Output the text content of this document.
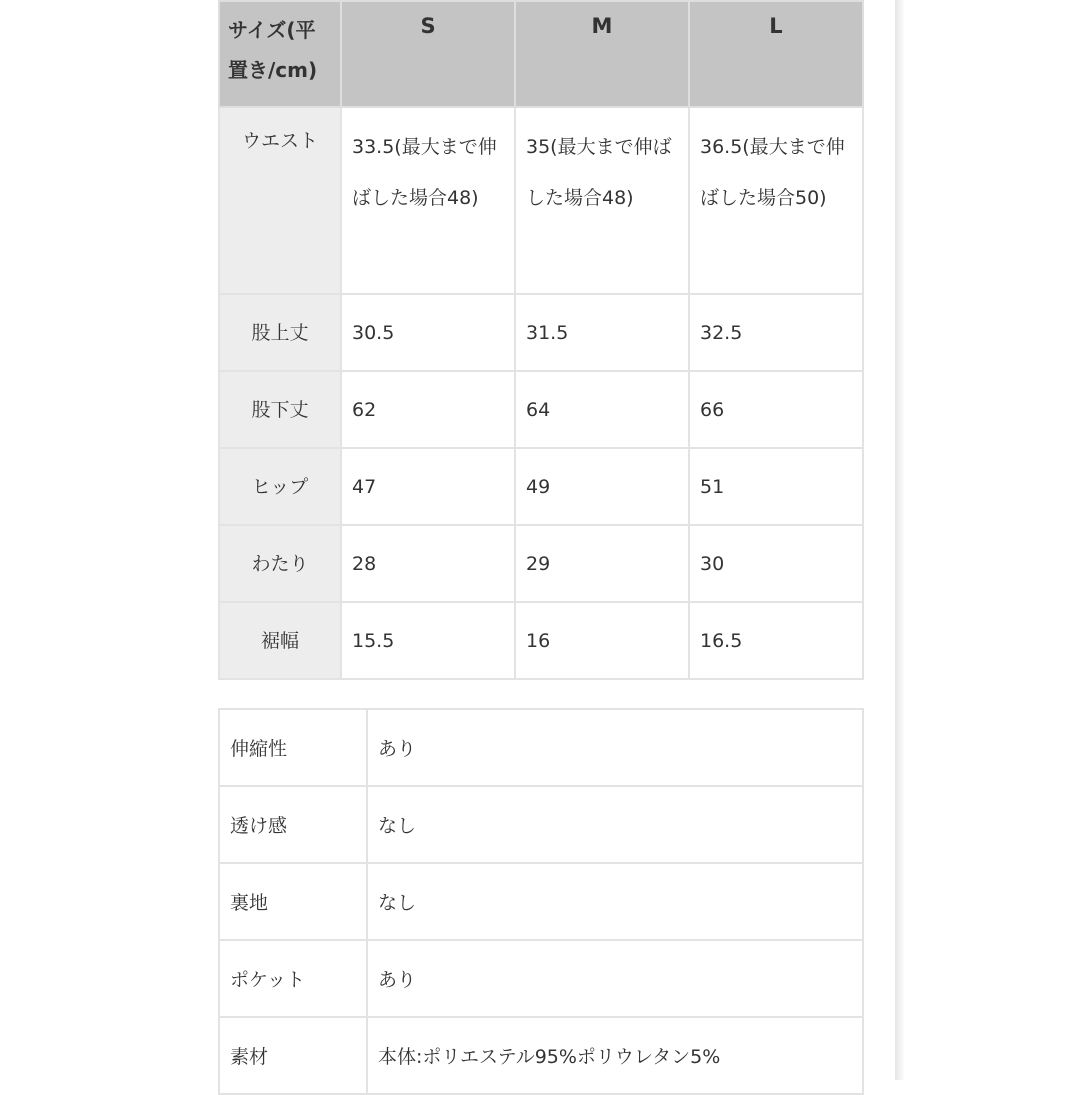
サイズ(平置き/cm)	S	M	L
ウエスト	33.5(最大まで伸ばした場合48)	35(最大まで伸ばした場合48)	36.5(最大まで伸ばした場合50)
股上丈	30.5	31.5	32.5
股下丈	62	64	66
ヒップ	47	49	51
わたり	28	29	30
裾幅	15.5	16	16.5
伸縮性	あり
透け感	なし
裏地	なし
ポケット	あり
素材	本体:ポリエステル95%ポリウレタン5%
